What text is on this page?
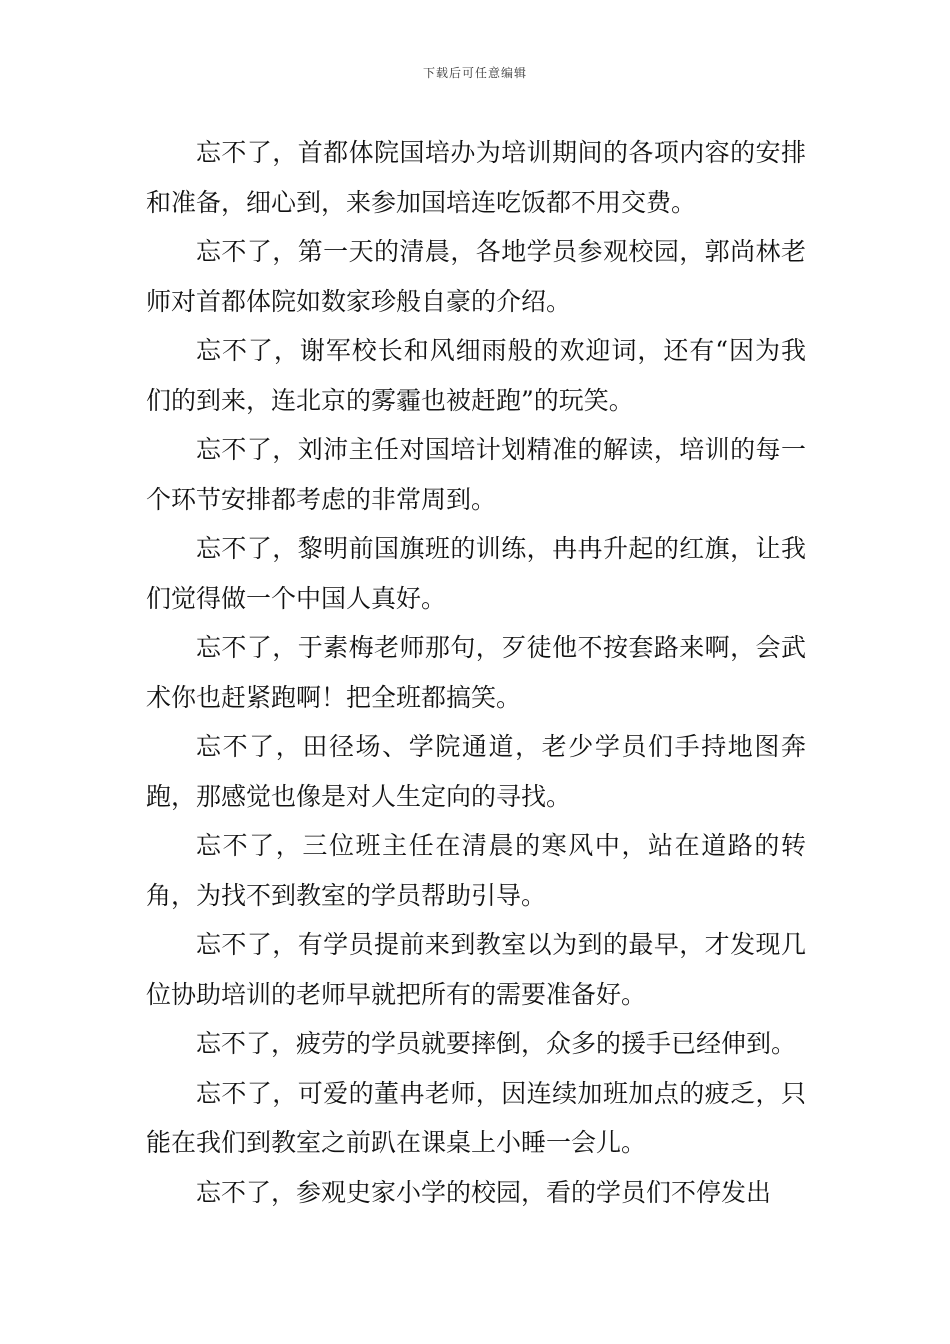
下载后可任意编辑

忘不了，首都体院国培办为培训期间的各项内容的安排和准备，细心到，来参加国培连吃饭都不用交费。

忘不了，第一天的清晨，各地学员参观校园，郭尚林老师对首都体院如数家珍般自豪的介绍。

忘不了，谢军校长和风细雨般的欢迎词，还有“因为我们的到来，连北京的雾霾也被赶跑”的玩笑。

忘不了，刘沛主任对国培计划精准的解读，培训的每一个环节安排都考虑的非常周到。

忘不了，黎明前国旗班的训练，冉冉升起的红旗，让我们觉得做一个中国人真好。

忘不了，于素梅老师那句，歹徒他不按套路来啊，会武术你也赶紧跑啊！把全班都搞笑。

忘不了，田径场、学院通道，老少学员们手持地图奔跑，那感觉也像是对人生定向的寻找。

忘不了，三位班主任在清晨的寒风中，站在道路的转角，为找不到教室的学员帮助引导。

忘不了，有学员提前来到教室以为到的最早，才发现几位协助培训的老师早就把所有的需要准备好。

忘不了，疲劳的学员就要摔倒，众多的援手已经伸到。

忘不了，可爱的董冉老师，因连续加班加点的疲乏，只能在我们到教室之前趴在课桌上小睡一会儿。

忘不了，参观史家小学的校园，看的学员们不停发出
